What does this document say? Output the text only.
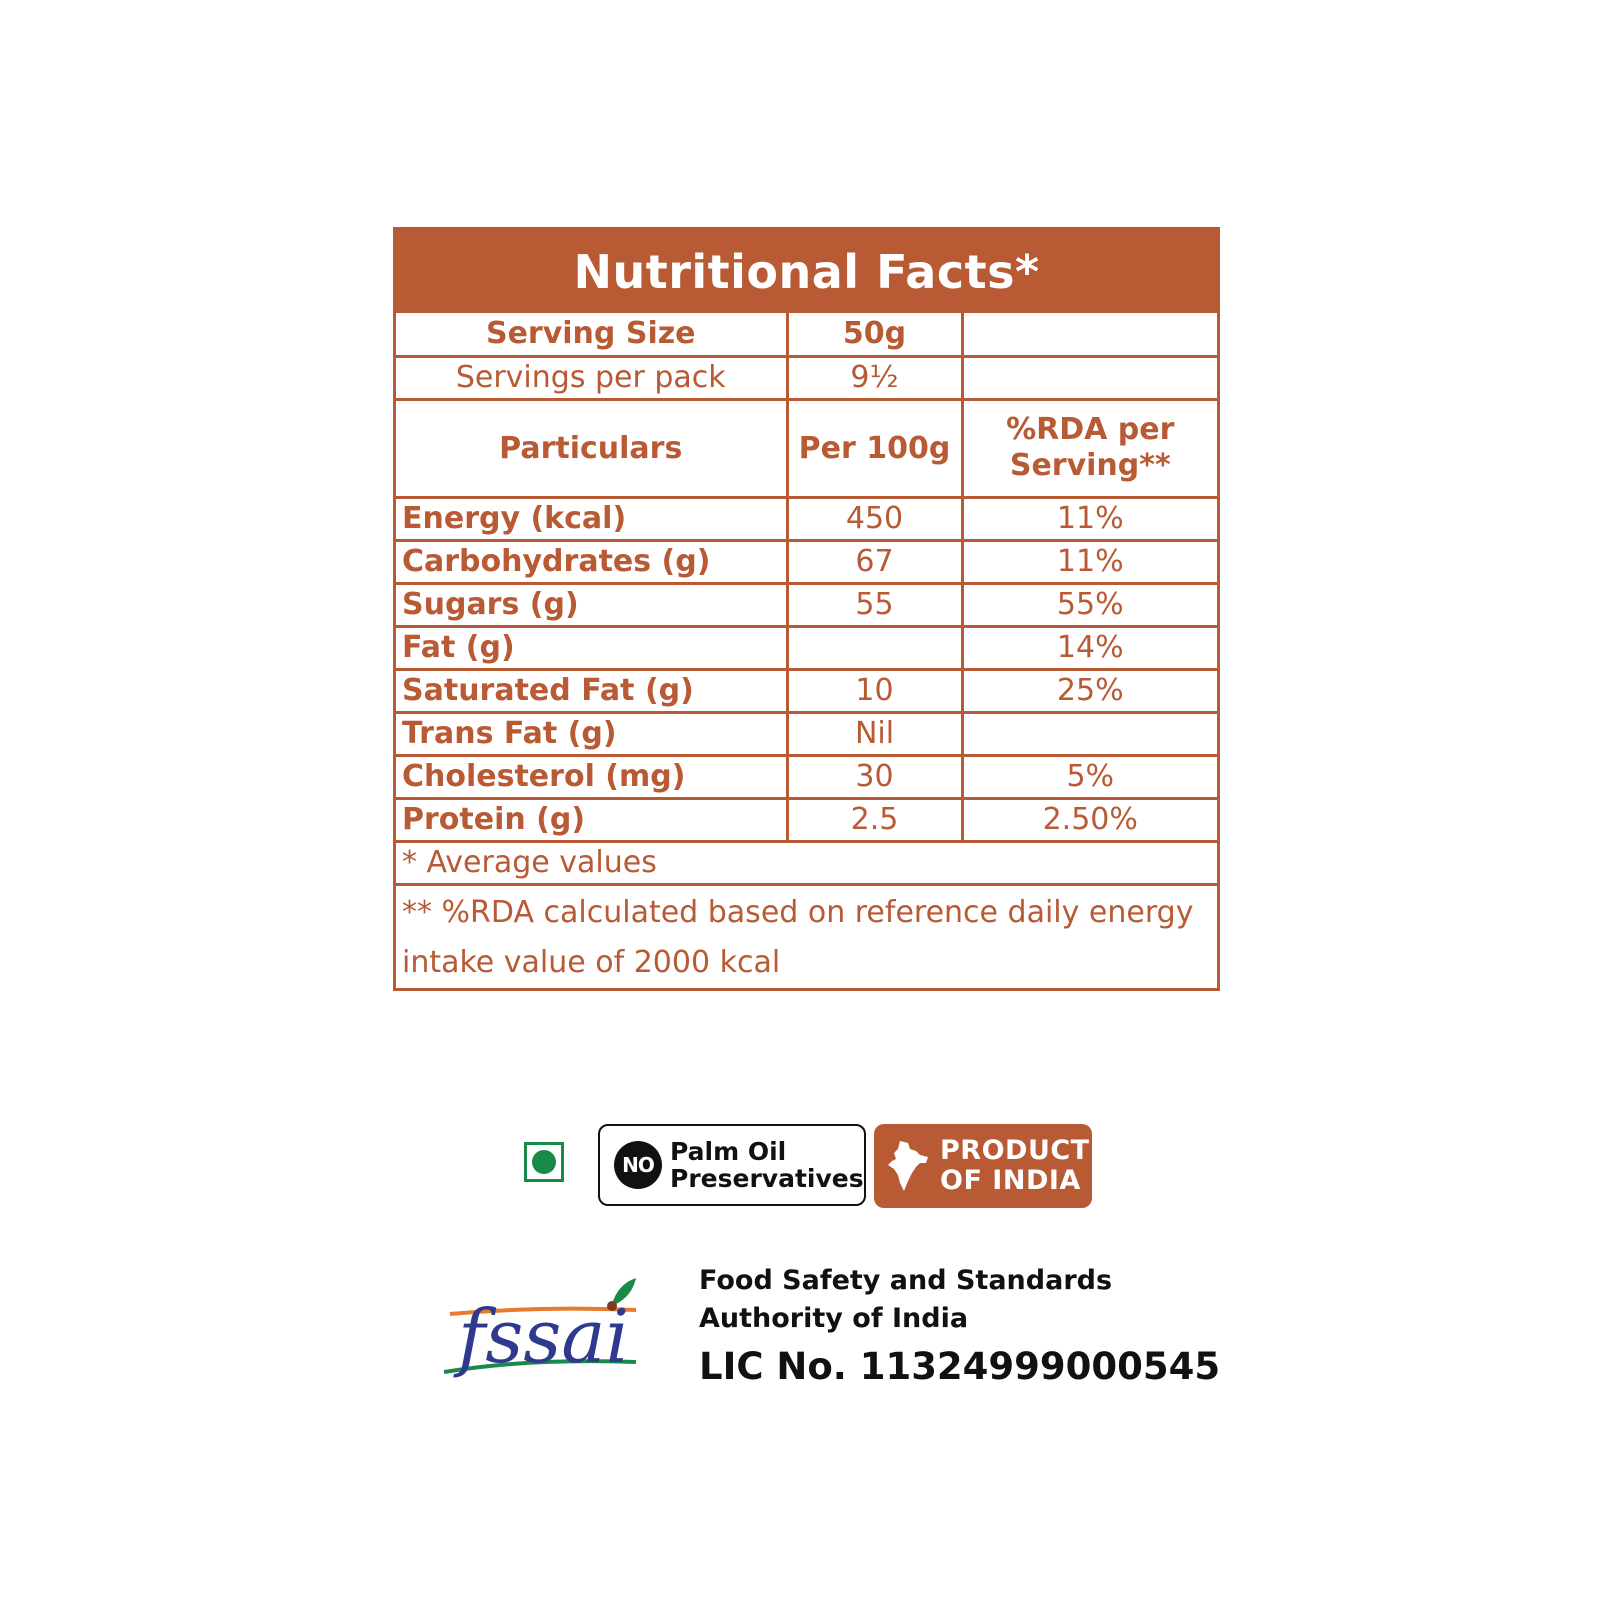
Nutritional Facts*
Serving Size	50g	
Servings per pack	9½	
Particulars	Per 100g	%RDA per Serving**
Energy (kcal)	450	11%
Carbohydrates (g)	67	11%
Sugars (g)	55	55%
Fat (g)		14%
Saturated Fat (g)	10	25%
Trans Fat (g)	Nil	
Cholesterol (mg)	30	5%
Protein (g)	2.5	2.50%
* Average values		
** %RDA calculated based on reference daily energy intake value of 2000 kcal		
NO Palm Oil
Preservatives
PRODUCT
OF INDIA
fssai
Food Safety and Standards
Authority of India
LIC No. 11324999000545
